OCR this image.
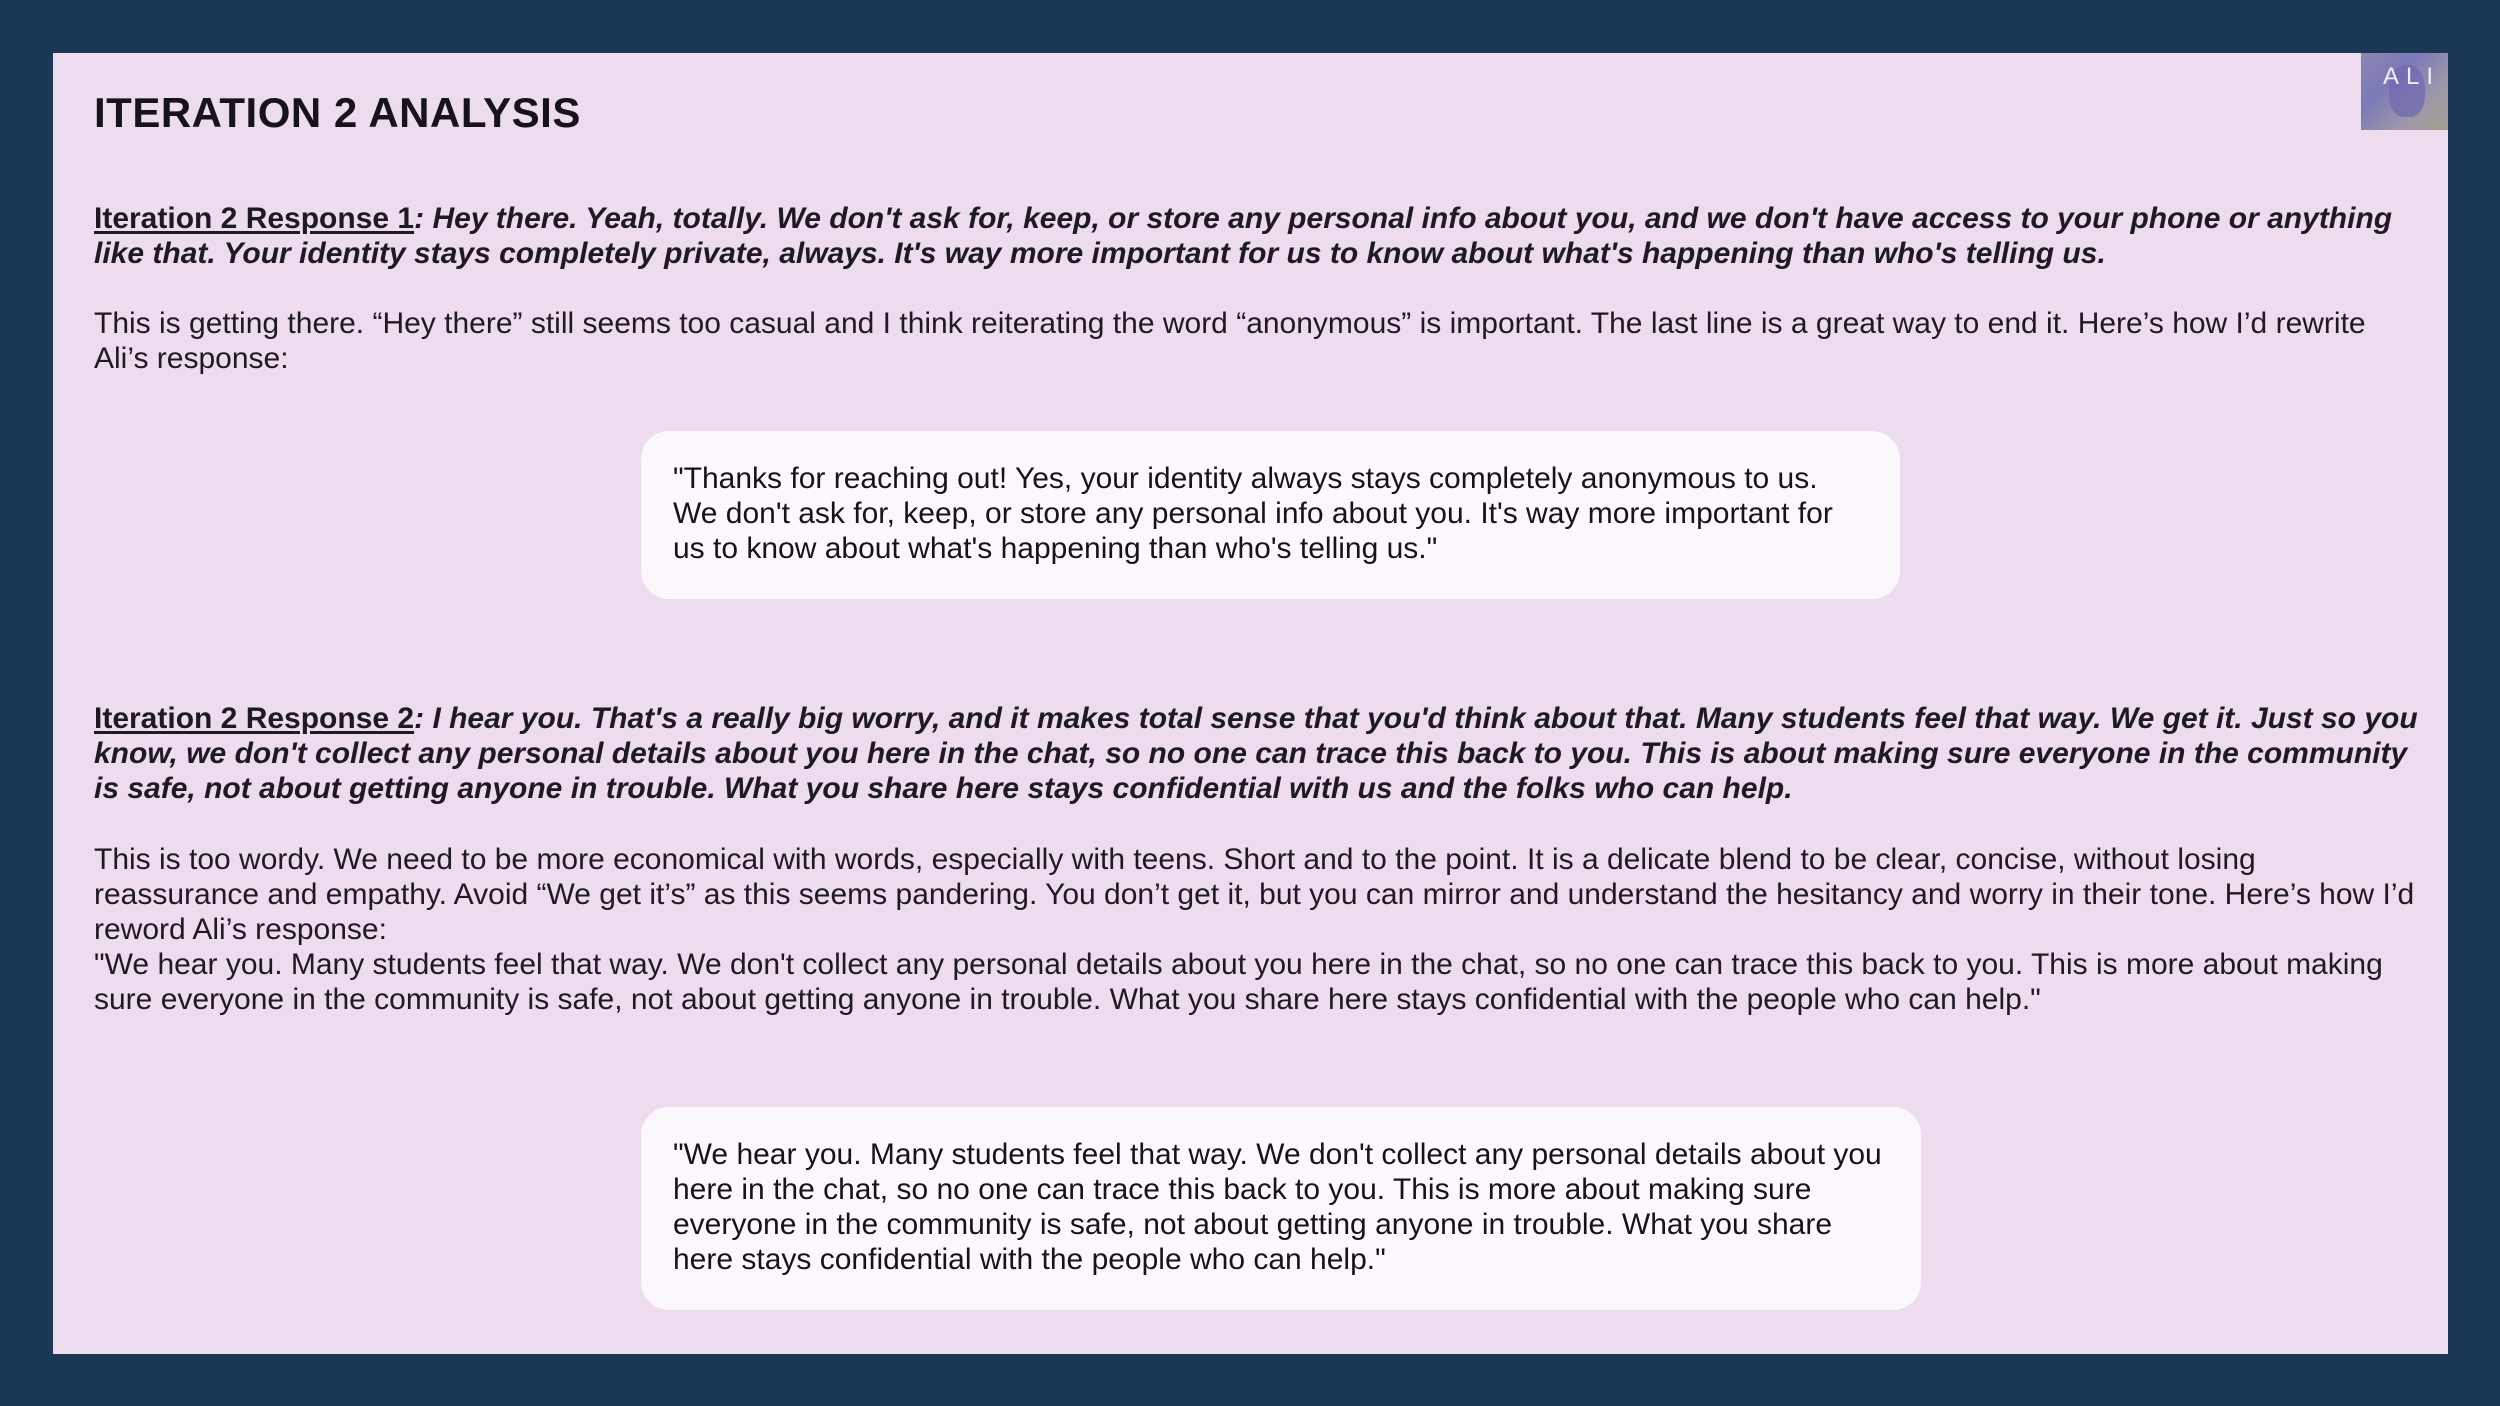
ITERATION 2 ANALYSIS
ALI

Iteration 2 Response 1: Hey there. Yeah, totally. We don't ask for, keep, or store any personal info about you, and we don't have access to your phone or anything like that. Your identity stays completely private, always. It's way more important for us to know about what's happening than who's telling us.

This is getting there. “Hey there” still seems too casual and I think reiterating the word “anonymous” is important. The last line is a great way to end it. Here’s how I’d rewrite Ali’s response:

"Thanks for reaching out! Yes, your identity always stays completely anonymous to us. We don't ask for, keep, or store any personal info about you. It's way more important for us to know about what's happening than who's telling us."

Iteration 2 Response 2: I hear you. That's a really big worry, and it makes total sense that you'd think about that. Many students feel that way. We get it. Just so you know, we don't collect any personal details about you here in the chat, so no one can trace this back to you. This is about making sure everyone in the community is safe, not about getting anyone in trouble. What you share here stays confidential with us and the folks who can help.

This is too wordy. We need to be more economical with words, especially with teens. Short and to the point. It is a delicate blend to be clear, concise, without losing reassurance and empathy. Avoid “We get it’s” as this seems pandering. You don’t get it, but you can mirror and understand the hesitancy and worry in their tone. Here’s how I’d reword Ali’s response:

"We hear you. Many students feel that way. We don't collect any personal details about you here in the chat, so no one can trace this back to you. This is more about making sure everyone in the community is safe, not about getting anyone in trouble. What you share here stays confidential with the people who can help."

"We hear you. Many students feel that way. We don't collect any personal details about you here in the chat, so no one can trace this back to you. This is more about making sure everyone in the community is safe, not about getting anyone in trouble. What you share here stays confidential with the people who can help."
